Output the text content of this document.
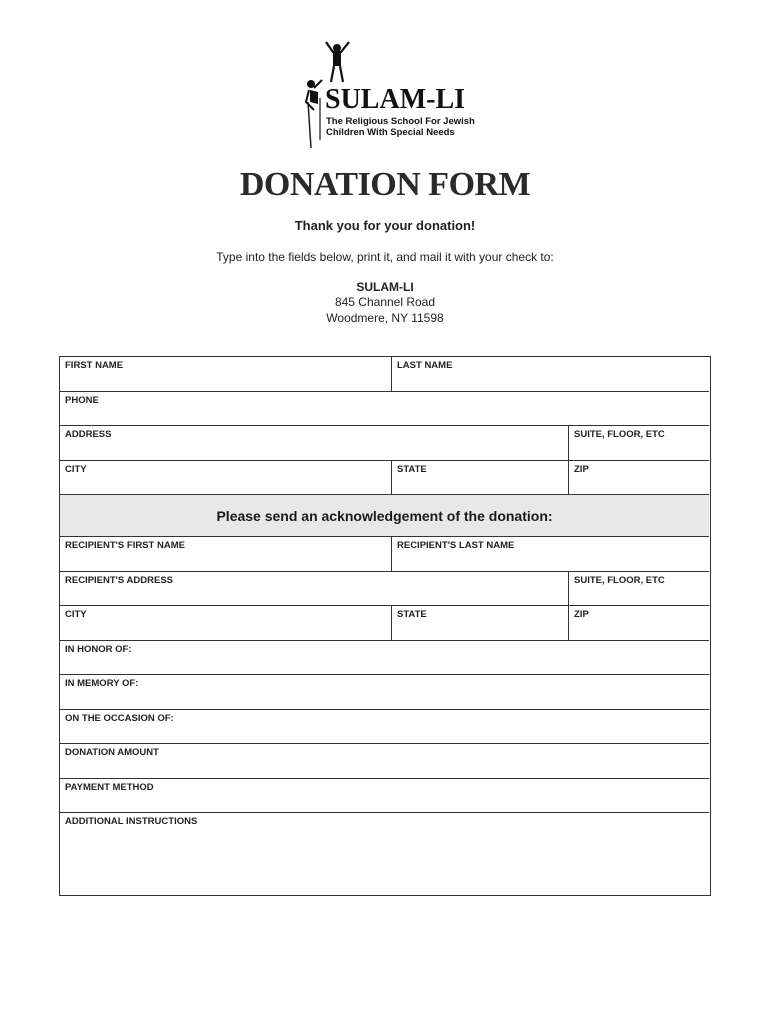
SULAM-LI
The Religious School For Jewish
Children With Special Needs
DONATION FORM
Thank you for your donation!
Type into the fields below, print it, and mail it with your check to:
SULAM-LI
845 Channel Road
Woodmere, NY 11598
FIRST NAME	LAST NAME
PHONE
ADDRESS	SUITE, FLOOR, ETC
CITY	STATE	ZIP
Please send an acknowledgement of the donation:
RECIPIENT'S FIRST NAME	RECIPIENT'S LAST NAME
RECIPIENT'S ADDRESS	SUITE, FLOOR, ETC
CITY	STATE	ZIP
IN HONOR OF:
IN MEMORY OF:
ON THE OCCASION OF:
DONATION AMOUNT
PAYMENT METHOD
ADDITIONAL INSTRUCTIONS
